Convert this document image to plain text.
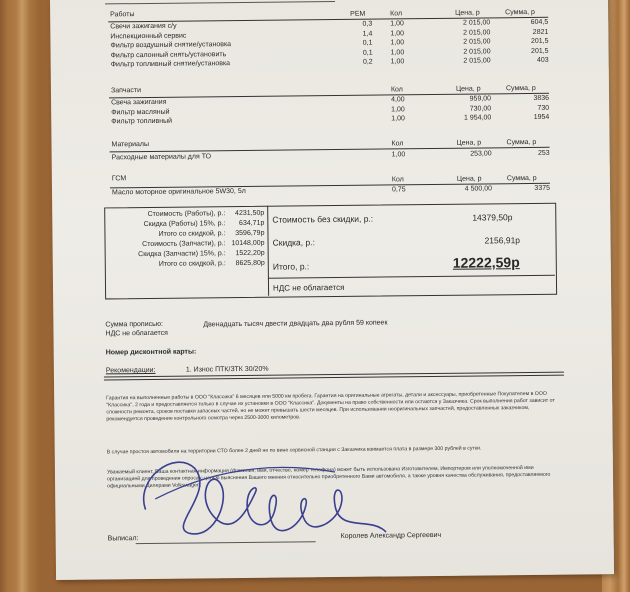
Работы	РЕМ	Кол	Цена, р	Сумма, р
Свечи зажигания с/у	0,3	1,00	2 015,00	604,5
Инспекционный сервис	1,4	1,00	2 015,00	2821
Фильтр воздушный снятие/установка	0,1	1,00	2 015,00	201,5
Фильтр салонный снять/установить	0,1	1,00	2 015,00	201,5
Фильтр топливный снятие/установка	0,2	1,00	2 015,00	403
Запчасти	Кол	Цена, р	Сумма, р
Свеча зажигания	4,00	959,00	3836
Фильтр масляный	1,00	730,00	730
Фильтр топливный	1,00	1 954,00	1954
Материалы	Кол	Цена, р	Сумма, р
Расходные материалы для ТО	1,00	253,00	253
ГСМ	Кол	Цена, р	Сумма, р
Масло моторное оригинальное 5W30, 5л	0,75	4 500,00	3375
Стоимость (Работы), р.:	4231,50р
Скидка (Работы) 15%, р.:	634,71р
Итого со скидкой, р.:	3596,79р
Стоимость (Запчасти), р.: 10148,00р
Скидка (Запчасти) 15%, р.:	1522,20р
Итого со скидкой, р.:	8625,80р
Стоимость без скидки, р.:	14379,50р
Скидка, р.:	2156,91р
Итого, р.:	12222,59р
НДС не облагается
Сумма прописью:	Двенадцать тысяч двести двадцать два рубля 59 копеек
НДС не облагается
Номер дисконтной карты:
Рекомендации:	1. Износ ПТК/ЗТК 30/20%
Гарантия на выполненные работы в ООО "Классика" 6 месяцев или 5000 км пробега. Гарантия на оригинальные агрегаты, детали и аксессуары, приобретенные Покупателем в ООО "Классика", 2 года и предоставляется только в случае их установки в ООО "Классика". Документы на право собственности или остаются у Заказчика. Срок выполнения работ зависит от сложности ремонта, сроков поставки запасных частей, но не может превышать шести месяцев. При использовании неоригинальных запчастей, предоставленных заказчиком, рекомендуется проведение контрольного осмотра через 2500-3000 километров.
В случае простоя автомобиля на территории СТО более 2 дней не по вине сервисной станции с Заказчика взимается плата в размере 300 рублей в сутки.
Уважаемый клиент, Ваша контактная информация (фамилия, имя, отчество, номер телефона) может быть использована Изготовителем, Импортером или уполномоченной ими организацией для проведения опроса с целью выяснения Вашего мнения относительно приобретенного Вами автомобиля, а также уровня качества обслуживания, предоставляемого официальными Дилерами Volkswagen.
Выписал:	Королев Александр Сергеевич
